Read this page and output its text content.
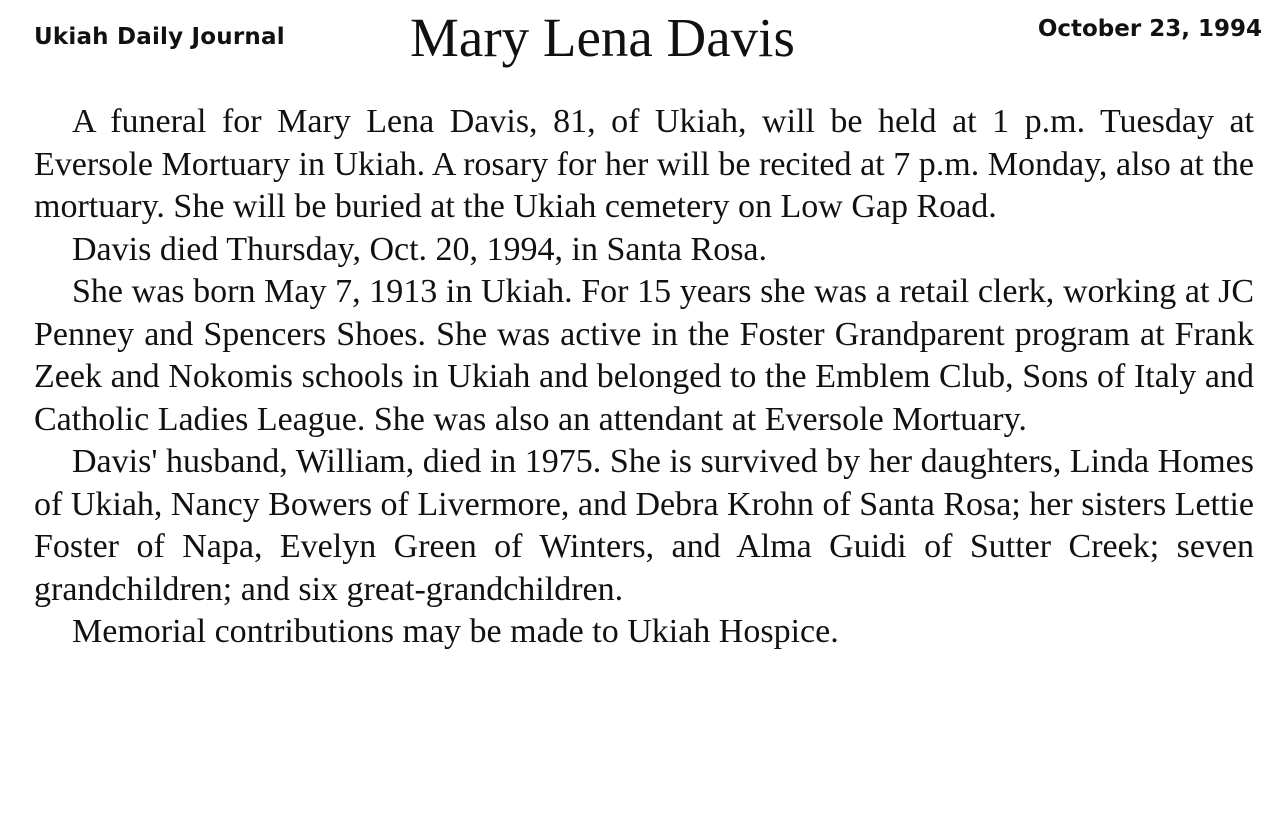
Ukiah Daily Journal Mary Lena Davis	October 23, 1994

A funeral for Mary Lena Davis, 81, of Ukiah, will be held at 1 p.m. Tuesday at Eversole Mortuary in Ukiah. A rosary for her will be recited at 7 p.m. Monday, also at the mortuary. She will be buried at the Ukiah cemetery on Low Gap Road.

Davis died Thursday, Oct. 20, 1994, in Santa Rosa.

She was born May 7, 1913 in Ukiah. For 15 years she was a retail clerk, working at JC Penney and Spencers Shoes. She was active in the Foster Grandparent program at Frank Zeek and Nokomis schools in Ukiah and belonged to the Emblem Club, Sons of Italy and Catholic Ladies League. She was also an attendant at Eversole Mortuary.

Davis' husband, William, died in 1975. She is survived by her daughters, Linda Homes of Ukiah, Nancy Bowers of Livermore, and Debra Krohn of Santa Rosa; her sisters Lettie Foster of Napa, Evelyn Green of Winters, and Alma Guidi of Sutter Creek; seven grandchildren; and six great-grandchildren.

Memorial contributions may be made to Ukiah Hospice.
